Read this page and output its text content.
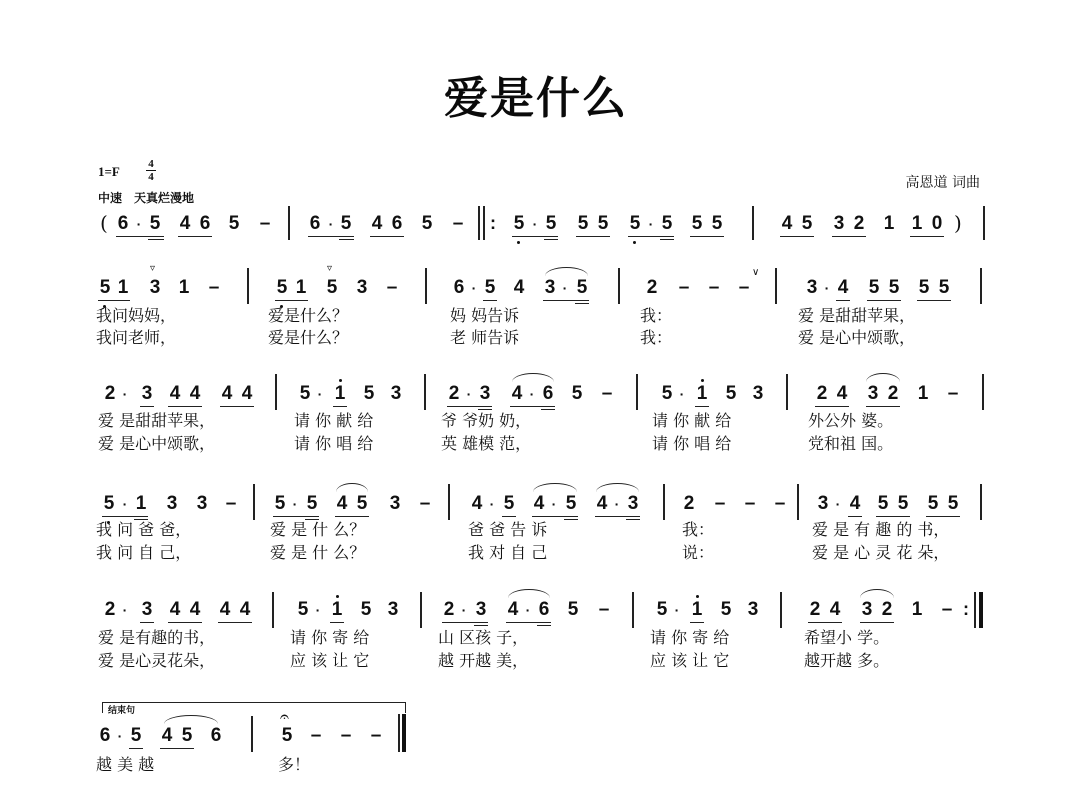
爱是什么
1=F	4
4
中速 天真烂漫地
高恩道 词曲
( 6 · 5 4 6 5 – 6 · 5 4 6 5 – : 5 · 5 5 5 5 · 5 5 5	4 5 3 2 1 1 0 )
5 1 3 1 –
▿
5 1 5 3 –
▿
6 · 5 4 3 · 5	2 – – –
∨
3 · 4 5 5 5 5
我问妈妈，	爱是什么？	妈 妈告诉	我：	爱 是甜甜苹果，
我问老师，	爱是什么？	老 师告诉	我：	爱 是心中颂歌，
2 · 3 4 4 4 4 5 · 1 5 3 2 · 3 4 · 6 5 –	5 · 1 5 3	2 4 3 2 1 –
爱 是甜甜苹果，	请 你 献 给	爷 爷奶 奶，	请 你 献 给	外公外 婆。
爱 是心中颂歌，	请 你 唱 给	英 雄模 范，	请 你 唱 给	党和祖 国。
5 · 1 3 3 – 5 · 5 4 5 3 – 4 · 5 4 · 5 4 · 3 2 – – – 3 · 4 5 5 5 5
我 问 爸 爸，	爱 是 什 么？	爸 爸 告 诉	我：	爱 是 有 趣 的 书，
我 问 自 己，	爱 是 什 么？	我 对 自 己	说：	爱 是 心 灵 花 朵，
2 · 3 4 4 4 4 5 · 1 5 3 2 · 3 4 · 6 5 – 5 · 1 5 3	2 4 3 2 1 – :
爱 是有趣的书，	请 你 寄 给	山 区孩 子，	请 你 寄 给	希望小 学。
爱 是心灵花朵，	应 该 让 它	越 开越 美，	应 该 让 它	越开越 多。
结束句
6 · 5 4 5 6	5 – – –
𝄐
越 美 越	多！
